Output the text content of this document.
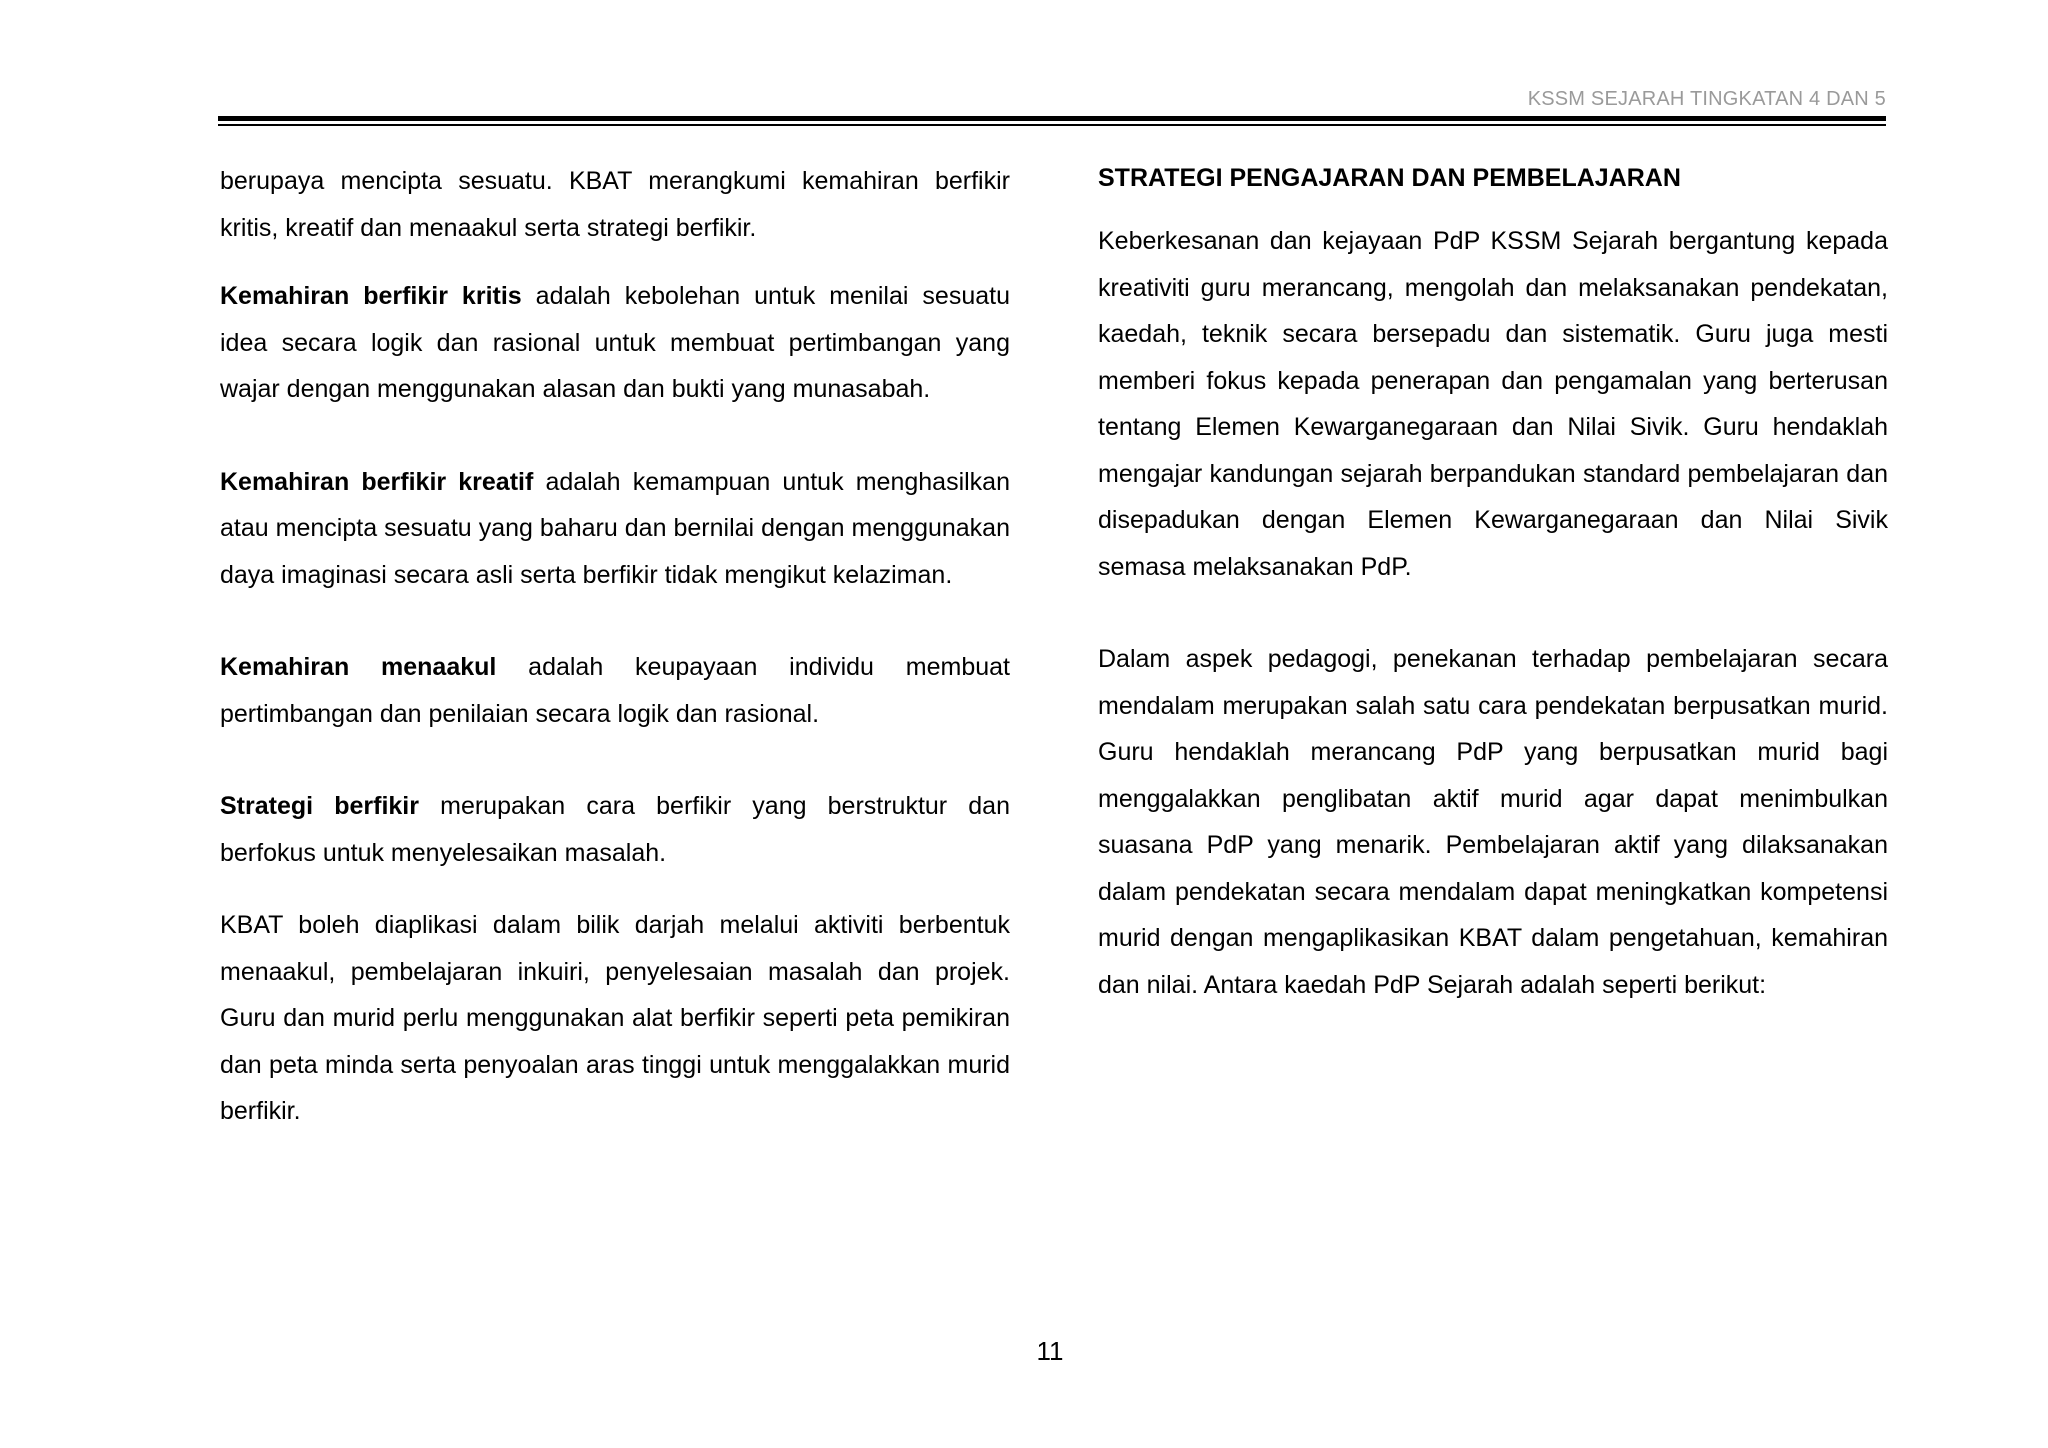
KSSM SEJARAH TINGKATAN 4 DAN 5

berupaya mencipta sesuatu. KBAT merangkumi kemahiran berfikir kritis, kreatif dan menaakul serta strategi berfikir.

Kemahiran berfikir kritis adalah kebolehan untuk menilai sesuatu idea secara logik dan rasional untuk membuat pertimbangan yang wajar dengan menggunakan alasan dan bukti yang munasabah.

Kemahiran berfikir kreatif adalah kemampuan untuk menghasilkan atau mencipta sesuatu yang baharu dan bernilai dengan menggunakan daya imaginasi secara asli serta berfikir tidak mengikut kelaziman.

Kemahiran menaakul adalah keupayaan individu membuat pertimbangan dan penilaian secara logik dan rasional.

Strategi berfikir merupakan cara berfikir yang berstruktur dan berfokus untuk menyelesaikan masalah.

KBAT boleh diaplikasi dalam bilik darjah melalui aktiviti berbentuk menaakul, pembelajaran inkuiri, penyelesaian masalah dan projek. Guru dan murid perlu menggunakan alat berfikir seperti peta pemikiran dan peta minda serta penyoalan aras tinggi untuk menggalakkan murid berfikir.

STRATEGI PENGAJARAN DAN PEMBELAJARAN

Keberkesanan dan kejayaan PdP KSSM Sejarah bergantung kepada kreativiti guru merancang, mengolah dan melaksanakan pendekatan, kaedah, teknik secara bersepadu dan sistematik. Guru juga mesti memberi fokus kepada penerapan dan pengamalan yang berterusan tentang Elemen Kewarganegaraan dan Nilai Sivik. Guru hendaklah mengajar kandungan sejarah berpandukan standard pembelajaran dan disepadukan dengan Elemen Kewarganegaraan dan Nilai Sivik semasa melaksanakan PdP.

Dalam aspek pedagogi, penekanan terhadap pembelajaran secara mendalam merupakan salah satu cara pendekatan berpusatkan murid. Guru hendaklah merancang PdP yang berpusatkan murid bagi menggalakkan penglibatan aktif murid agar dapat menimbulkan suasana PdP yang menarik. Pembelajaran aktif yang dilaksanakan dalam pendekatan secara mendalam dapat meningkatkan kompetensi murid dengan mengaplikasikan KBAT dalam pengetahuan, kemahiran dan nilai. Antara kaedah PdP Sejarah adalah seperti berikut:

11
